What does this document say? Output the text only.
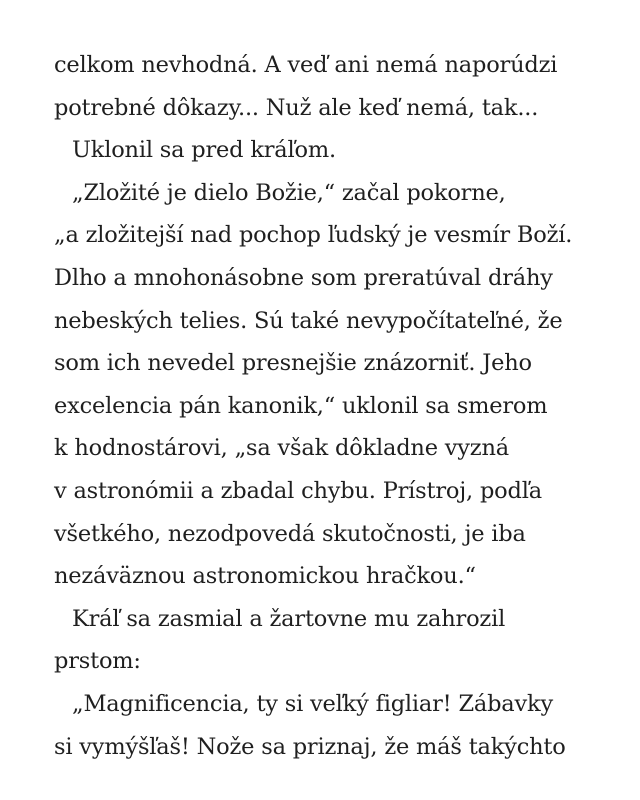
celkom nevhodná. A veď ani nemá naporúdzi
potrebné dôkazy... Nuž ale keď nemá, tak...
Uklonil sa pred kráľom.
„Zložité je dielo Božie,“ začal pokorne,
„a zložitejší nad pochop ľudský je vesmír Boží.
Dlho a mnohonásobne som preratúval dráhy
nebeských telies. Sú také nevypočítateľné, že
som ich nevedel presnejšie znázorniť. Jeho
excelencia pán kanonik,“ uklonil sa smerom
k hodnostárovi, „sa však dôkladne vyzná
v astronómii a zbadal chybu. Prístroj, podľa
všetkého, nezodpovedá skutočnosti, je iba
nezáväznou astronomickou hračkou.“
Kráľ sa zasmial a žartovne mu zahrozil
prstom:
„Magnificencia, ty si veľký figliar! Zábavky
si vymýšľaš! Nože sa priznaj, že máš takýchto
